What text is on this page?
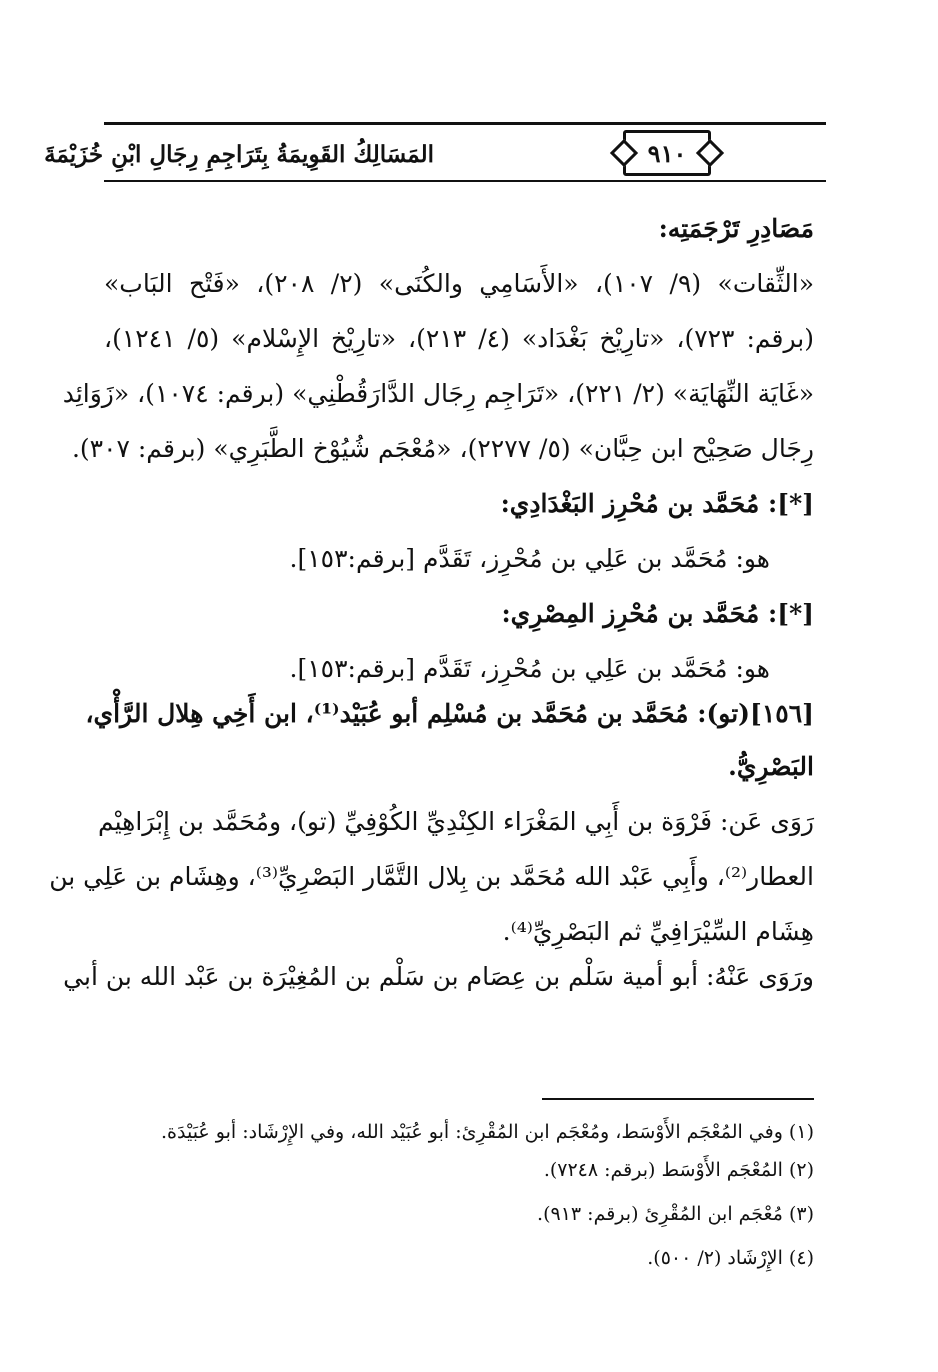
٩١٠
المَسَالِكُ القَوِيمَةُ بِتَرَاجِمِ رِجَالِ ابْنِ خُزَيْمَةَ
مَصَادِرِ تَرْجَمَتِه:
«الثِّقات» (٩/ ١٠٧)، «الأَسَامِي والكُنَى» (٢/ ٢٠٨)، «فَتْح البَاب»
(برقم: ٧٢٣)، «تارِيْخ بَغْدَاد» (٤/ ٢١٣)، «تارِيْخ الإِسْلام» (٥/ ١٢٤١)،
«غَايَة النِّهَايَة» (٢/ ٢٢١)، «تَرَاجِم رِجَال الدَّارَقُطْنِي» (برقم: ١٠٧٤)، «زَوَائِد
رِجَال صَحِيْح ابن حِبَّان» (٥/ ٢٢٧٧)، «مُعْجَم شُيُوْخ الطَّبَرِي» (برقم: ٣٠٧).
[*]: مُحَمَّد بن مُحْرِز البَغْدَادِي:
هو: مُحَمَّد بن عَلِي بن مُحْرِز، تَقَدَّم [برقم:١٥٣].
[*]: مُحَمَّد بن مُحْرِز المِصْرِي:
هو: مُحَمَّد بن عَلِي بن مُحْرِز، تَقَدَّم [برقم:١٥٣].
[١٥٦](تو): مُحَمَّد بن مُحَمَّد بن مُسْلِم أبو عُبَيْد⁽¹⁾، ابن أَخِي هِلال الرَّأْي،
البَصْرِيُّ.
رَوَى عَن: فَرْوَة بن أَبِي المَغْرَاء الكِنْدِيِّ الكُوْفِيِّ (تو)، ومُحَمَّد بن إِبْرَاهِيْم
العطار⁽²⁾، وأَبِي عَبْد الله مُحَمَّد بن بِلال التَّمَّار البَصْرِيِّ⁽³⁾، وهِشَام بن عَلِي بن
هِشَام السِّيْرَافِيِّ ثم البَصْرِيِّ⁽⁴⁾.
ورَوَى عَنْهُ: أبو أمية سَلْم بن عِصَام بن سَلْم بن المُغِيْرَة بن عَبْد الله بن أبي
(١) وفي المُعْجَم الأَوْسَط، ومُعْجَم ابن المُقْرِئ: أبو عُبَيْد الله، وفي الإِرْشَاد: أبو عُبَيْدَة.
(٢) المُعْجَم الأَوْسَط (برقم: ٧٢٤٨).
(٣) مُعْجَم ابن المُقْرِئ (برقم: ٩١٣).
(٤) الإِرْشَاد (٢/ ٥٠٠).
